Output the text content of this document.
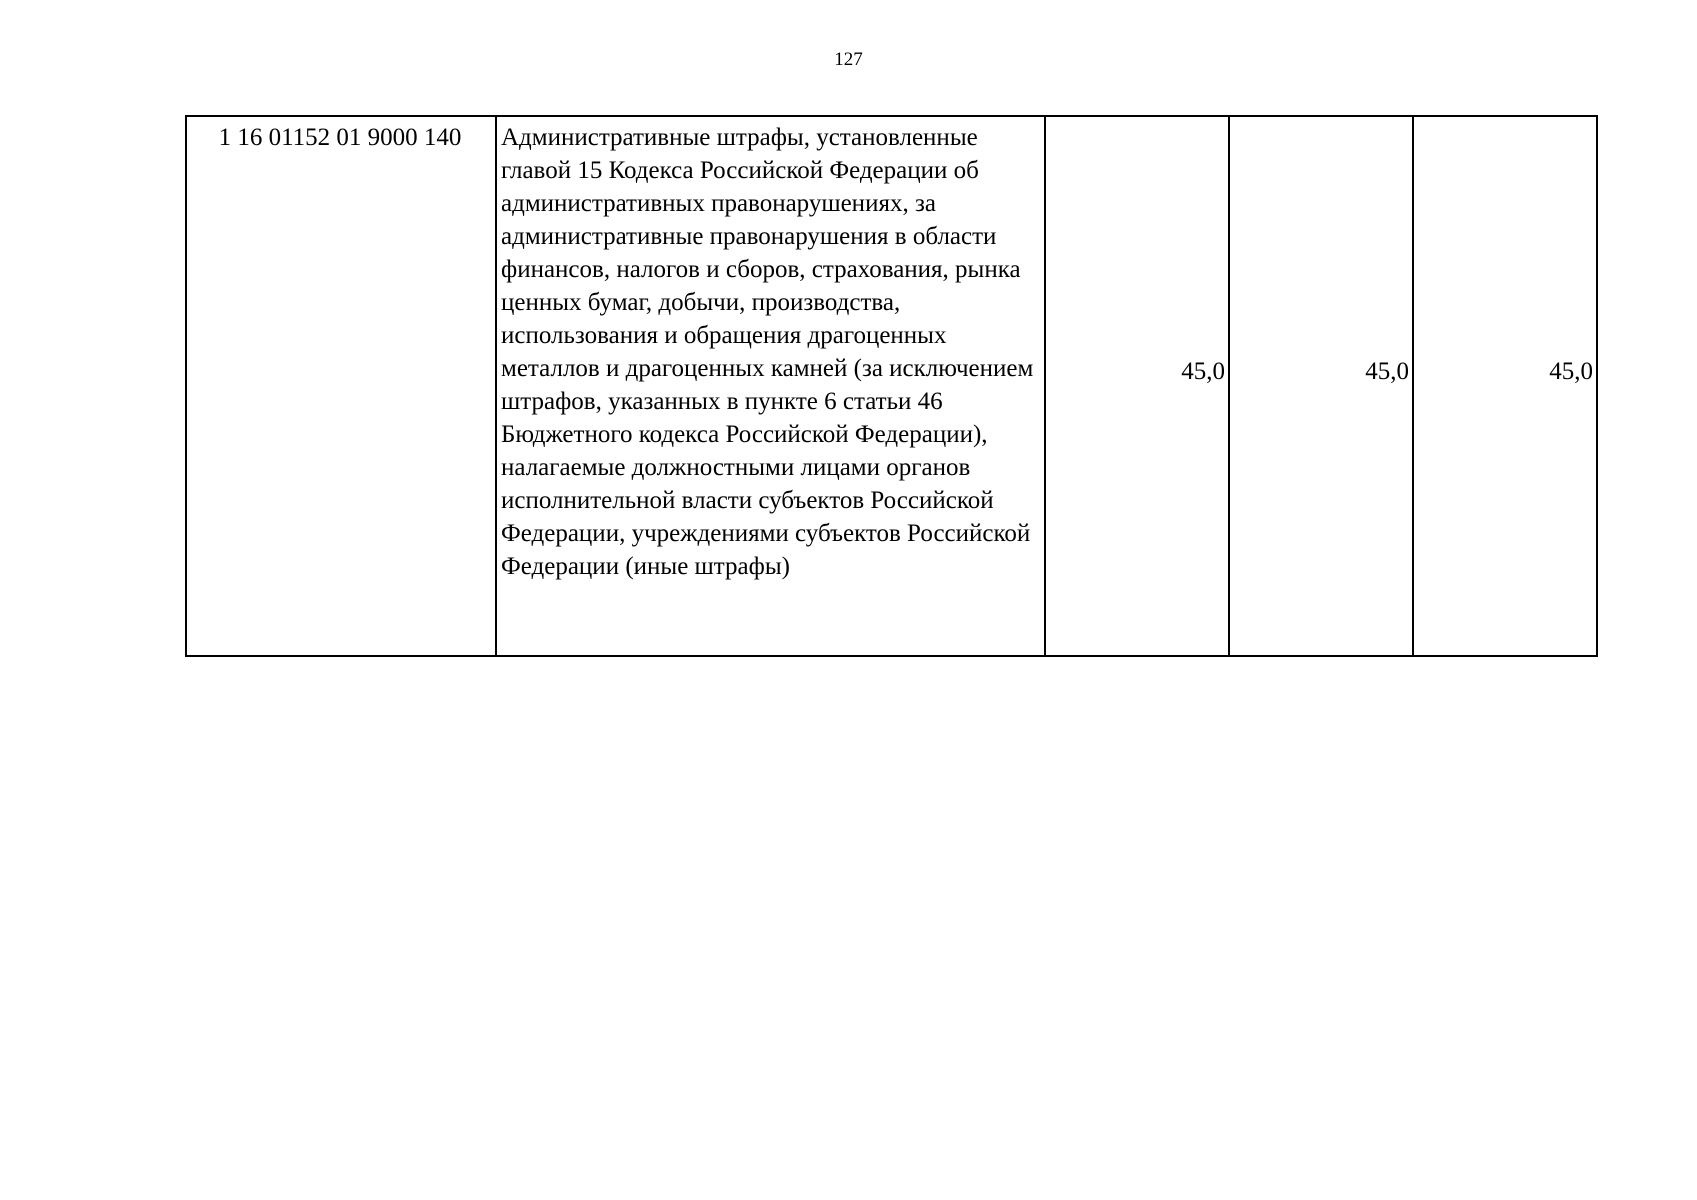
127
1 16 01152 01 9000 140	Административные штрафы, установленные главой 15 Кодекса Российской Федерации об административных правонарушениях, за административные правонарушения в области финансов, налогов и сборов, страхования, рынка ценных бумаг, добычи, производства, использования и обращения драгоценных металлов и драгоценных камней (за исключением штрафов, указанных в пункте 6 статьи 46 Бюджетного кодекса Российской Федерации), налагаемые должностными лицами органов исполнительной власти субъектов Российской Федерации, учреждениями субъектов Российской Федерации (иные штрафы)	45,0	45,0	45,0
